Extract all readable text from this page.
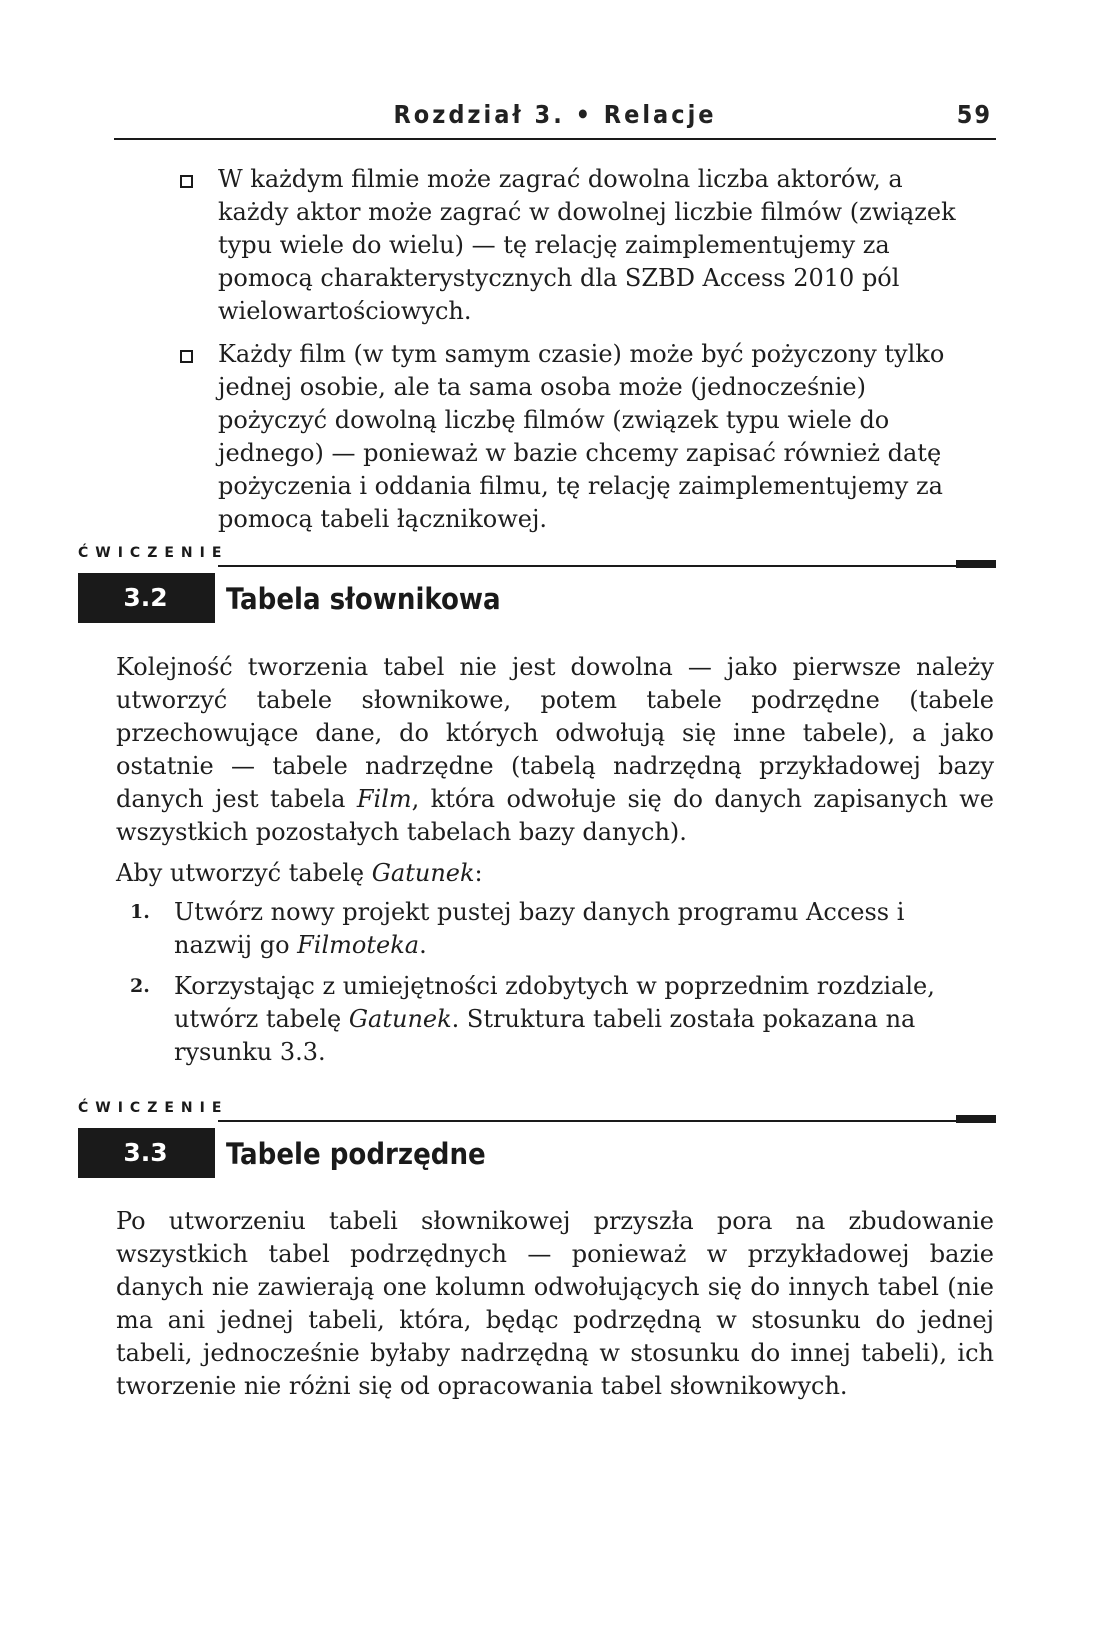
Rozdział 3. • Relacje	59
W każdym filmie może zagrać dowolna liczba aktorów, a każdy aktor może zagrać w dowolnej liczbie filmów (związek typu wiele do wielu) — tę relację zaimplementujemy za pomocą charakterystycznych dla SZBD Access 2010 pól wielowartościowych.
Każdy film (w tym samym czasie) może być pożyczony tylko jednej osobie, ale ta sama osoba może (jednocześnie) pożyczyć dowolną liczbę filmów (związek typu wiele do jednego) — ponieważ w bazie chcemy zapisać również datę pożyczenia i oddania filmu, tę relację zaimplementujemy za pomocą tabeli łącznikowej.
ĆWICZENIE
3.2	Tabela słownikowa

Kolejność tworzenia tabel nie jest dowolna — jako pierwsze należy utworzyć tabele słownikowe, potem tabele podrzędne (tabele przechowujące dane, do których odwołują się inne tabele), a jako ostatnie — tabele nadrzędne (tabelą nadrzędną przykładowej bazy danych jest tabela Film, która odwołuje się do danych zapisanych we wszystkich pozostałych tabelach bazy danych).

Aby utworzyć tabelę Gatunek:

1. Utwórz nowy projekt pustej bazy danych programu Access i nazwij go Filmoteka.
2. Korzystając z umiejętności zdobytych w poprzednim rozdziale, utwórz tabelę Gatunek. Struktura tabeli została pokazana na rysunku 3.3.
ĆWICZENIE
3.3	Tabele podrzędne

Po utworzeniu tabeli słownikowej przyszła pora na zbudowanie wszystkich tabel podrzędnych — ponieważ w przykładowej bazie danych nie zawierają one kolumn odwołujących się do innych tabel (nie ma ani jednej tabeli, która, będąc podrzędną w stosunku do jednej tabeli, jednocześnie byłaby nadrzędną w stosunku do innej tabeli), ich tworzenie nie różni się od opracowania tabel słownikowych.
